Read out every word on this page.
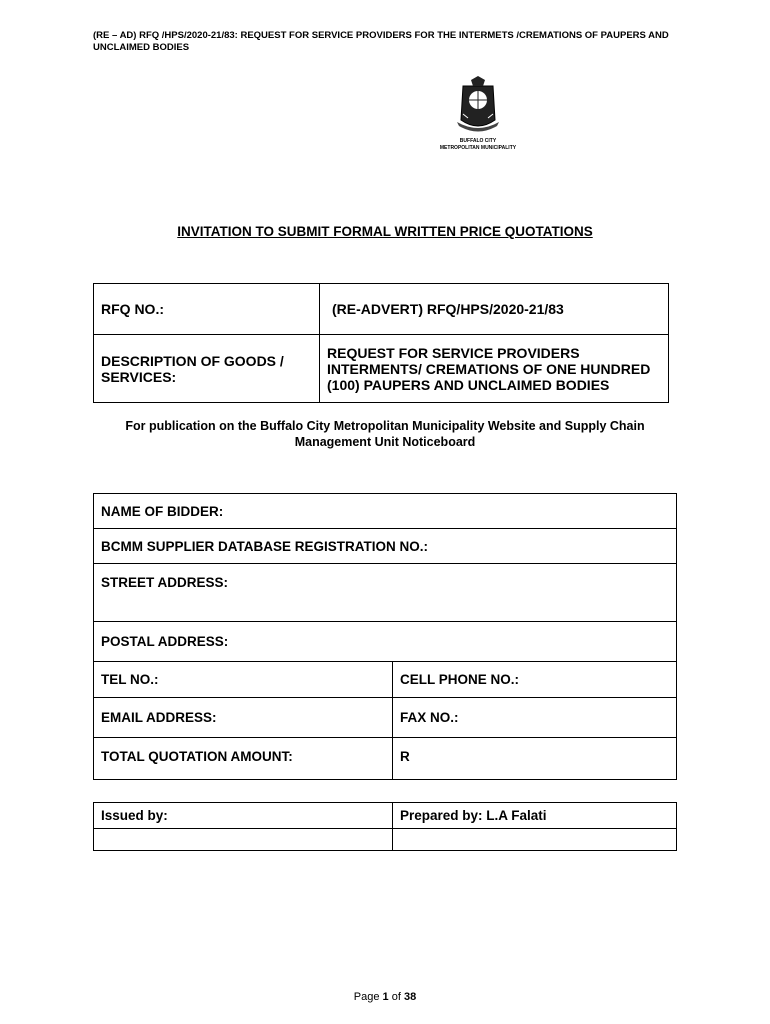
(RE – AD) RFQ /HPS/2020-21/83: REQUEST FOR SERVICE PROVIDERS FOR THE INTERMETS /CREMATIONS OF PAUPERS AND UNCLAIMED BODIES
BUFFALO CITY
METROPOLITAN MUNICIPALITY
INVITATION TO SUBMIT FORMAL WRITTEN PRICE QUOTATIONS
RFQ NO.:	(RE-ADVERT) RFQ/HPS/2020-21/83
DESCRIPTION OF GOODS / SERVICES:	REQUEST FOR SERVICE PROVIDERS INTERMENTS/ CREMATIONS OF ONE HUNDRED (100) PAUPERS AND UNCLAIMED BODIES
For publication on the Buffalo City Metropolitan Municipality Website and Supply Chain Management Unit Noticeboard
NAME OF BIDDER:	
BCMM SUPPLIER DATABASE REGISTRATION NO.:	
STREET ADDRESS:	
POSTAL ADDRESS:	
TEL NO.:	CELL PHONE NO.:
EMAIL ADDRESS:	FAX NO.:
TOTAL QUOTATION AMOUNT:	R
Issued by:	Prepared by: L.A Falati

Page 1 of 38
